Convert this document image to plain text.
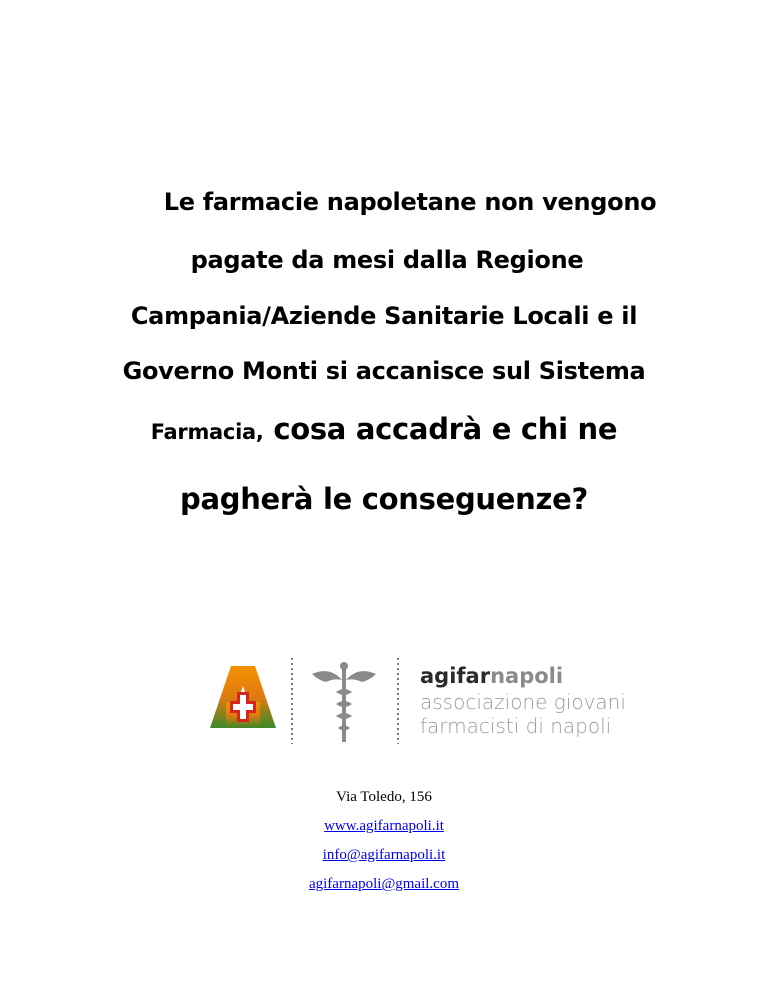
Le farmacie napoletane non vengono
pagate da mesi dalla Regione
Campania/Aziende Sanitarie Locali e il
Governo Monti si accanisce sul Sistema
Farmacia, cosa accadrà e chi ne
pagherà le conseguenze?
agifarnapoli
associazione giovani
farmacisti di napoli
Via Toledo, 156
www.agifarnapoli.it
info@agifarnapoli.it
agifarnapoli@gmail.com
